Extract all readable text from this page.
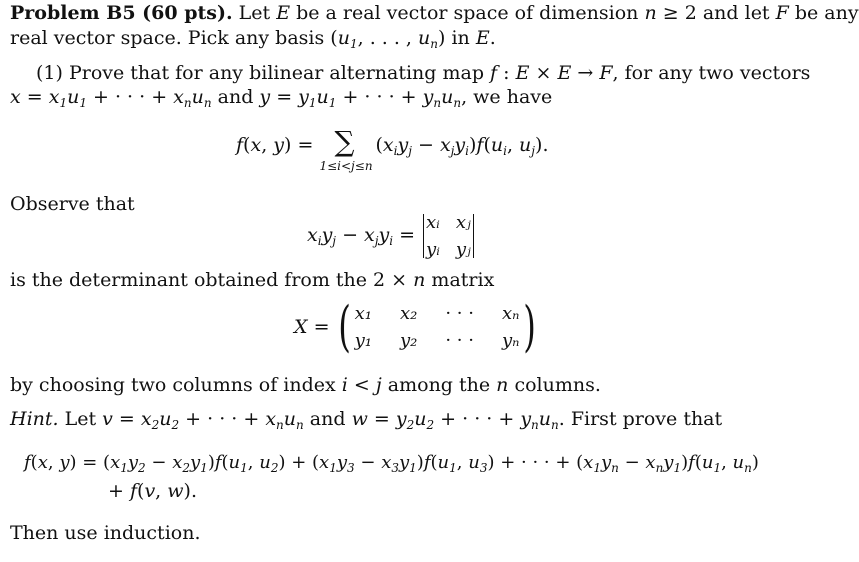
Problem B5 (60 pts). Let E be a real vector space of dimension n ≥ 2 and let F be any
real vector space. Pick any basis ($u_1$, . . . , $u_n$) in E.
(1) Prove that for any bilinear alternating map f : E × E → F, for any two vectors
$x = x_1u_1$ + · · · + $x_nu_n$ and $y = y_1u_1$ + · · · + $y_nu_n$, we have
f(x, y) = ∑
1≤i<j≤n
$(x_iy_j - x_jy_i)f(u_i$, $u_j$).
Observe that
$x_iy_j - x_jy_i$ =
xᵢ xⱼ
yᵢ yⱼ
is the determinant obtained from the 2 × n matrix
X = ( x₁ x₂ · · · xₙ
y₁ y₂ · · · yₙ )
by choosing two columns of index i < j among the n columns.
Hint. Let $v = x_2u_2$ + · · · + $x_nu_n$ and $w = y_2u_2$ + · · · + $y_nu_n$. First prove that
f(x, $y) = (x_1y_2 - x_2y_1)f(u_1$, $u_2) + (x_1y_3 - x_3y_1)f(u_1$, $u_3$) + · · · + $(x_1y_n - x_ny_1)f(u_1$, $u_n$)
+ f(v, w).
Then use induction.
